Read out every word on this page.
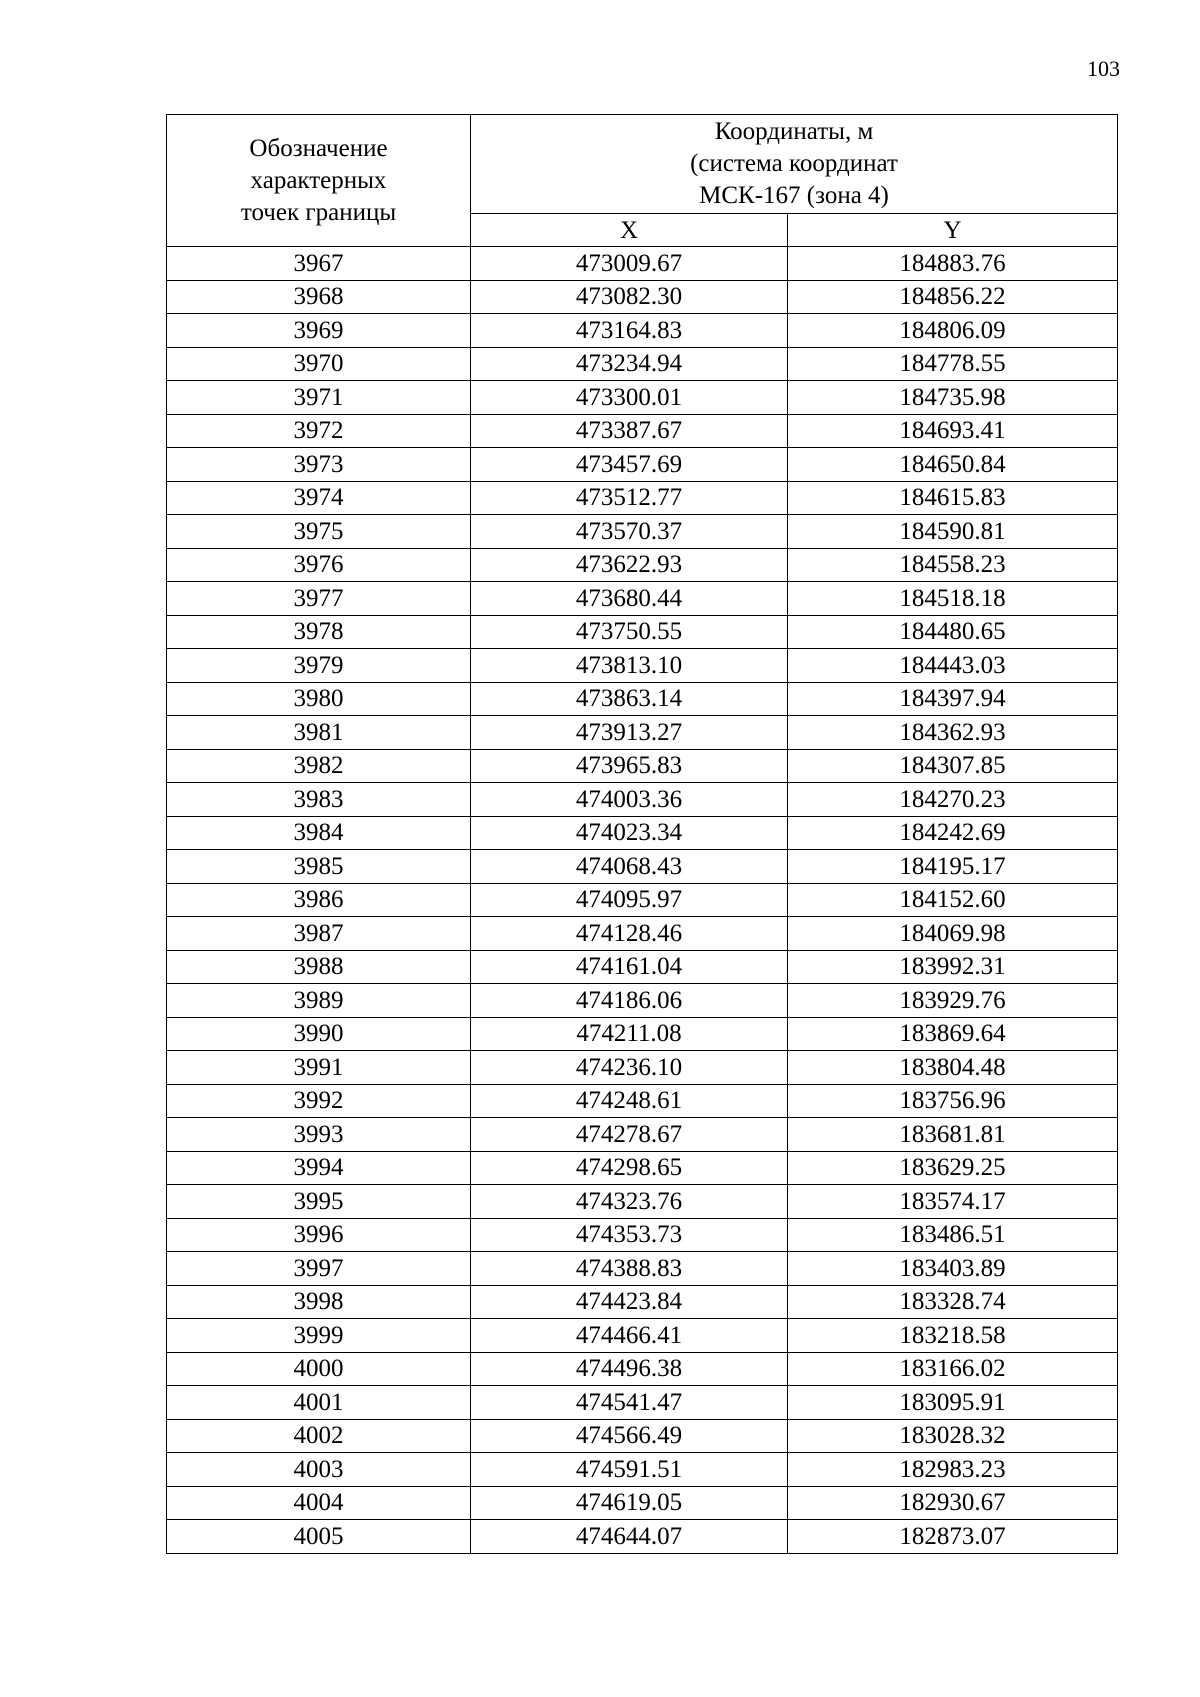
103
Обозначение
характерных
точек границы	Координаты, м
(система координат
МСК-167 (зона 4)	

	X	Y
3967	473009.67	184883.76
3968	473082.30	184856.22
3969	473164.83	184806.09
3970	473234.94	184778.55
3971	473300.01	184735.98
3972	473387.67	184693.41
3973	473457.69	184650.84
3974	473512.77	184615.83
3975	473570.37	184590.81
3976	473622.93	184558.23
3977	473680.44	184518.18
3978	473750.55	184480.65
3979	473813.10	184443.03
3980	473863.14	184397.94
3981	473913.27	184362.93
3982	473965.83	184307.85
3983	474003.36	184270.23
3984	474023.34	184242.69
3985	474068.43	184195.17
3986	474095.97	184152.60
3987	474128.46	184069.98
3988	474161.04	183992.31
3989	474186.06	183929.76
3990	474211.08	183869.64
3991	474236.10	183804.48
3992	474248.61	183756.96
3993	474278.67	183681.81
3994	474298.65	183629.25
3995	474323.76	183574.17
3996	474353.73	183486.51
3997	474388.83	183403.89
3998	474423.84	183328.74
3999	474466.41	183218.58
4000	474496.38	183166.02
4001	474541.47	183095.91
4002	474566.49	183028.32
4003	474591.51	182983.23
4004	474619.05	182930.67
4005	474644.07	182873.07
